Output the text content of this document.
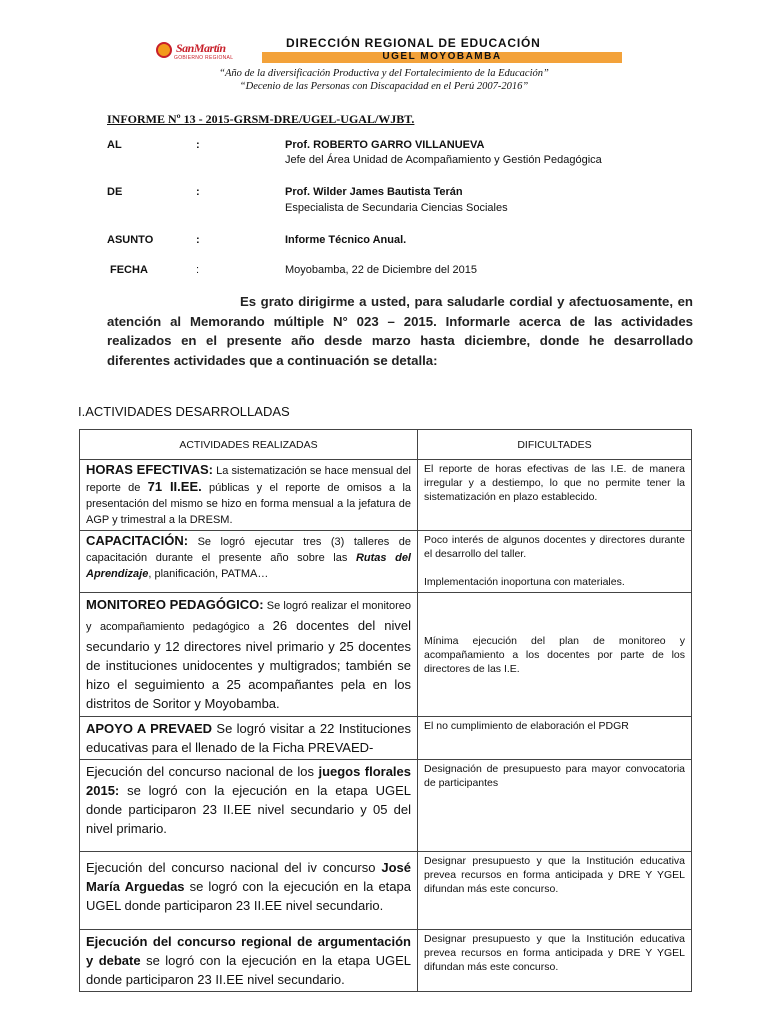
SanMartín
GOBIERNO REGIONAL
DIRECCIÓN REGIONAL DE EDUCACIÓN
UGEL MOYOBAMBA
“Año de la diversificación Productiva y del Fortalecimiento de la Educación”
“Decenio de las Personas con Discapacidad en el Perú 2007-2016”
INFORME Nº 13 - 2015-GRSM-DRE/UGEL-UGAL/WJBT.
AL	:	Prof. ROBERTO GARRO VILLANUEVA
Jefe del Área Unidad de Acompañamiento y Gestión Pedagógica
DE	:	Prof. Wilder James Bautista Terán
Especialista de Secundaria Ciencias Sociales
ASUNTO	:	Informe Técnico Anual.
FECHA	:	Moyobamba, 22 de Diciembre del 2015
Es grato dirigirme a usted, para saludarle cordial y afectuosamente, en atención al Memorando múltiple N° 023 – 2015. Informarle acerca de las actividades realizados en el presente año desde marzo hasta diciembre, donde he desarrollado diferentes actividades que a continuación se detalla:
I.ACTIVIDADES DESARROLLADAS
ACTIVIDADES REALIZADAS	DIFICULTADES
HORAS EFECTIVAS: La sistematización se hace mensual del reporte de 71 II.EE. públicas y el reporte de omisos a la presentación del mismo se hizo en forma mensual a la jefatura de AGP y trimestral a la DRESM.	El reporte de horas efectivas de las I.E. de manera irregular y a destiempo, lo que no permite tener la sistematización en plazo establecido.
CAPACITACIÓN: Se logró ejecutar tres (3) talleres de capacitación durante el presente año sobre las Rutas del Aprendizaje, planificación, PATMA…	Poco interés de algunos docentes y directores durante el desarrollo del taller.
Implementación inoportuna con materiales.

MONITOREO PEDAGÓGICO: Se logró realizar el monitoreo y acompañamiento pedagógico a 26 docentes del nivel secundario y 12 directores nivel primario y 25 docentes de instituciones unidocentes y multigrados; también se hizo el seguimiento a 25 acompañantes pela en los distritos de Soritor y Moyobamba.	Mínima ejecución del plan de monitoreo y acompañamiento a los docentes por parte de los directores de las I.E.
APOYO A PREVAED Se logró visitar a 22 Instituciones educativas para el llenado de la Ficha PREVAED-	El no cumplimiento de elaboración el PDGR
Ejecución del concurso nacional de los juegos florales 2015: se logró con la ejecución en la etapa UGEL donde participaron 23 II.EE nivel secundario y 05 del nivel primario.	Designación de presupuesto para mayor convocatoria de participantes
Ejecución del concurso nacional del iv concurso José María Arguedas se logró con la ejecución en la etapa UGEL donde participaron 23 II.EE nivel secundario.	Designar presupuesto y que la Institución educativa prevea recursos en forma anticipada y DRE Y YGEL difundan más este concurso.
Ejecución del concurso regional de argumentación y debate se logró con la ejecución en la etapa UGEL donde participaron 23 II.EE nivel secundario.	Designar presupuesto y que la Institución educativa prevea recursos en forma anticipada y DRE Y YGEL difundan más este concurso.
